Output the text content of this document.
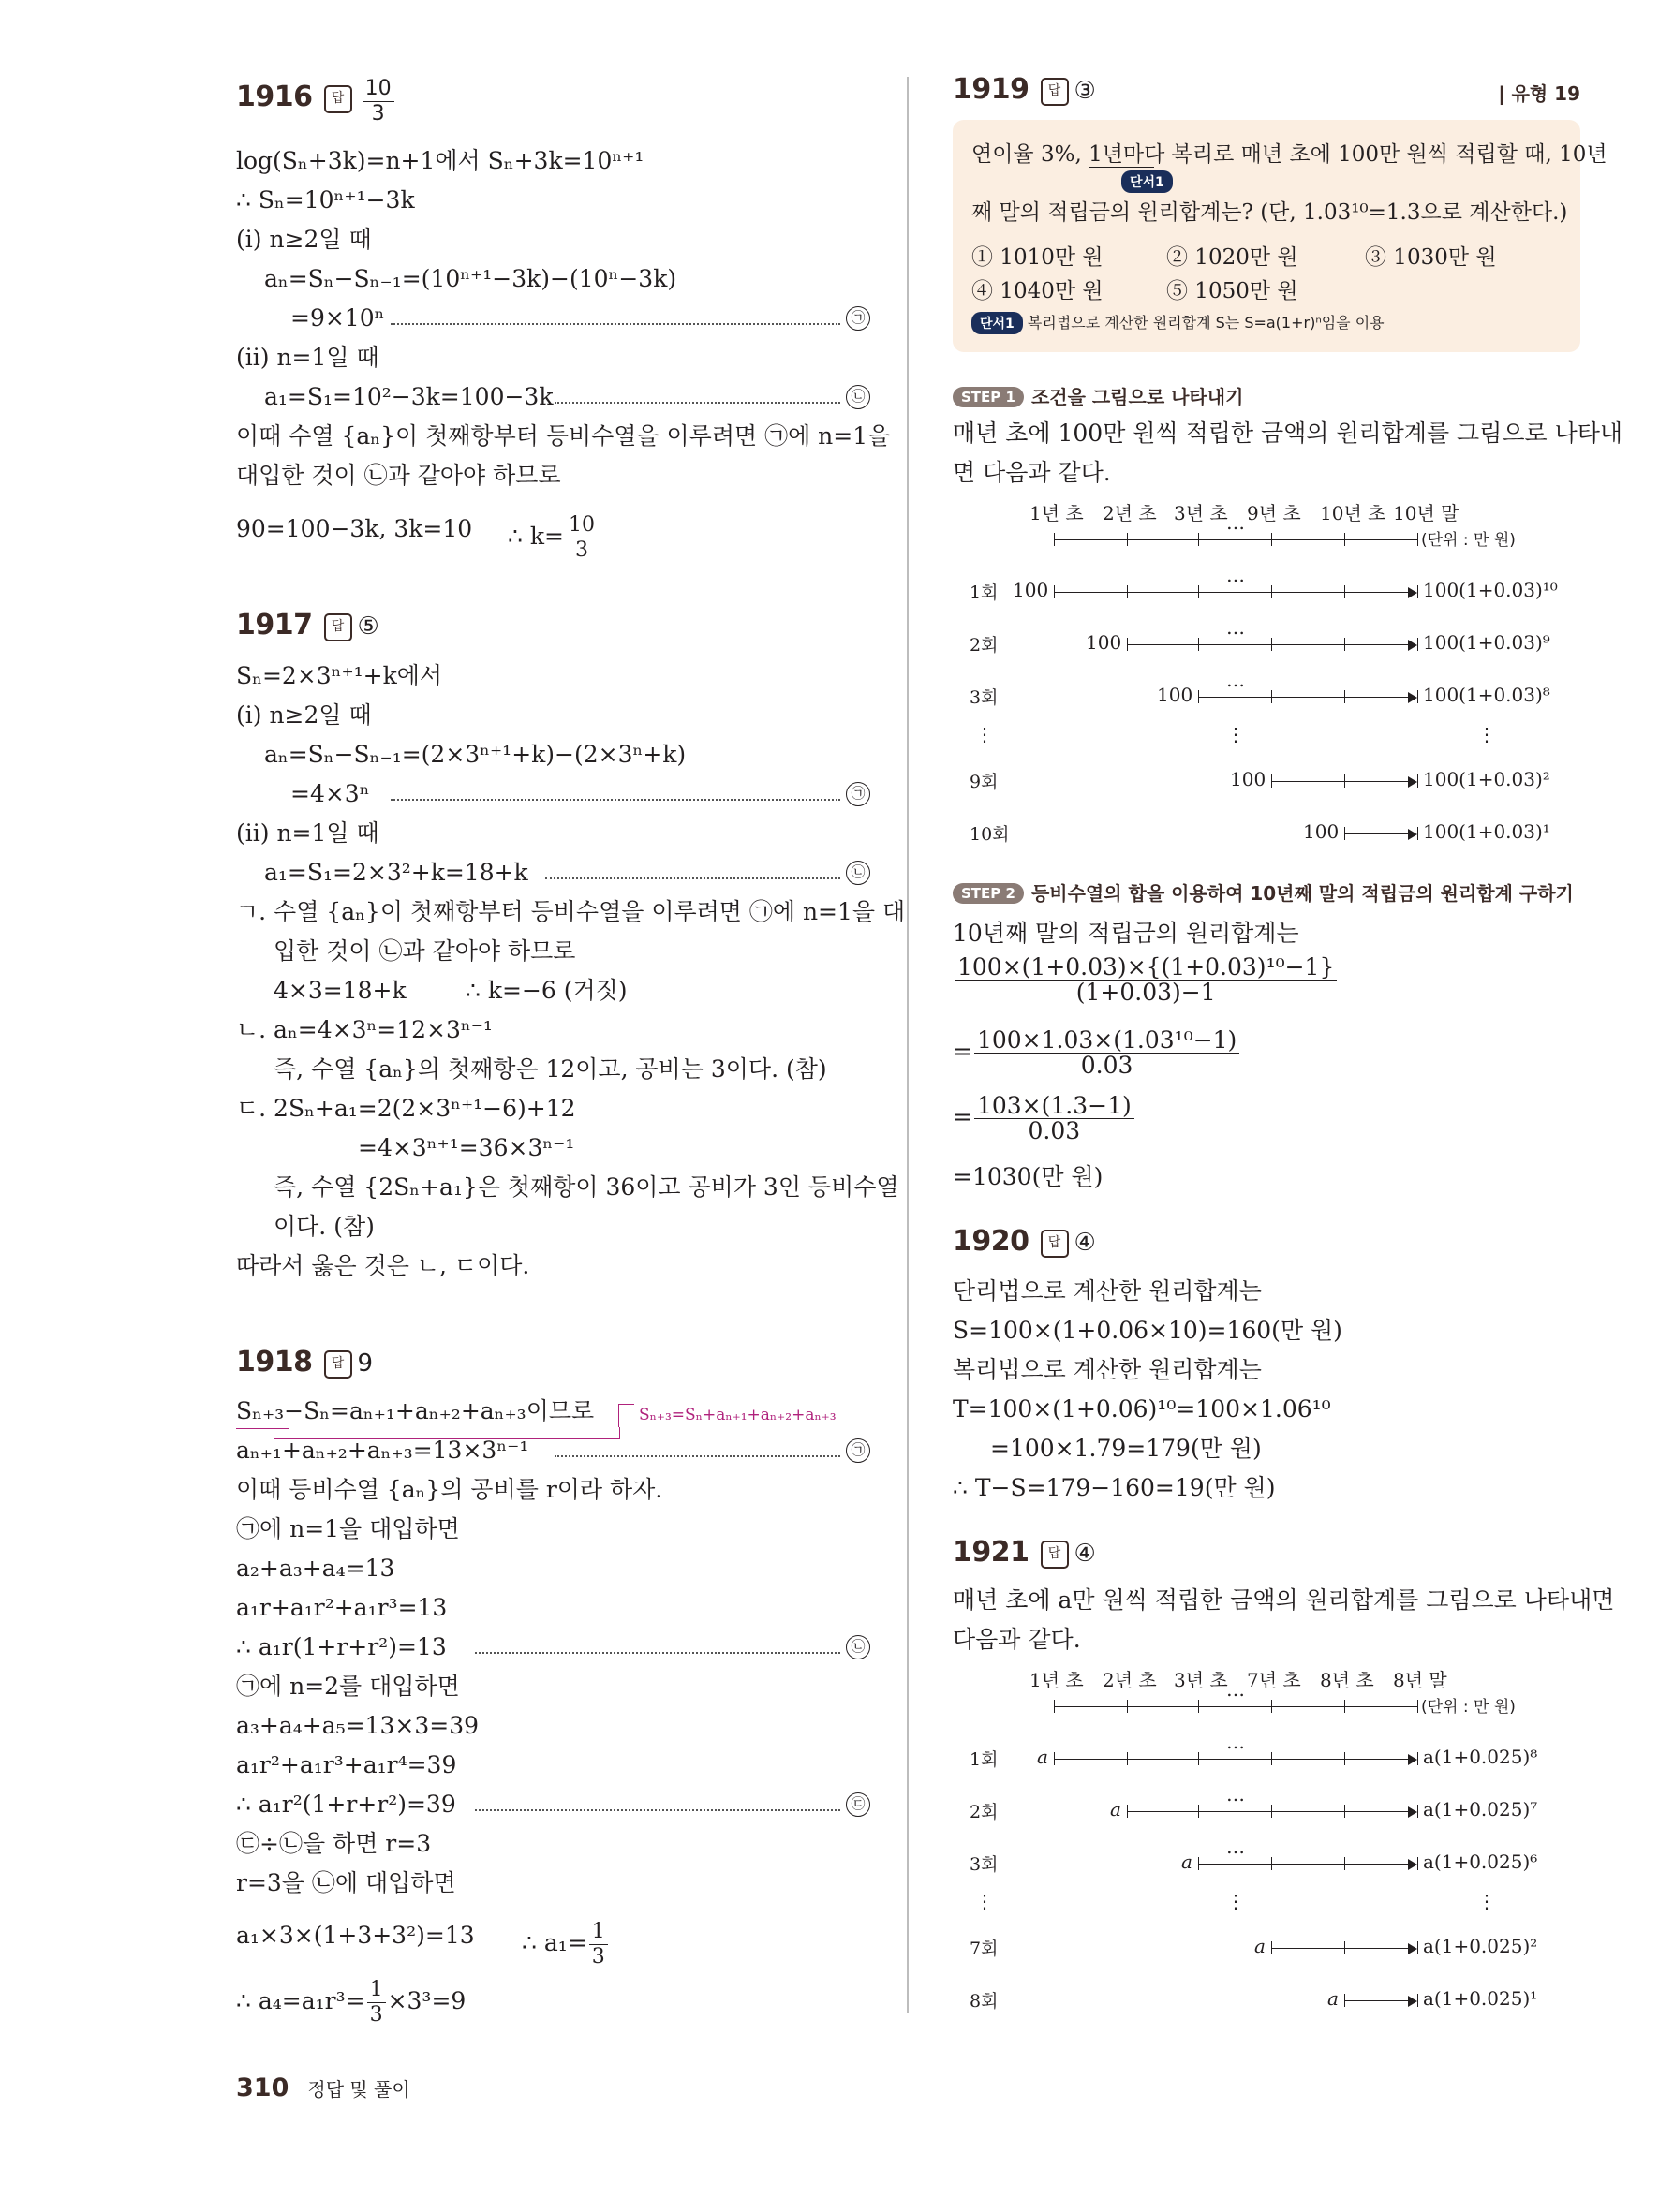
1916 답 $\frac{10}{3}$
log(Sₙ+3k)=n+1에서 Sₙ+3k=10ⁿ⁺¹
∴ Sₙ=10ⁿ⁺¹−3k
(i) n≥2일 때
aₙ=Sₙ−Sₙ₋₁=(10ⁿ⁺¹−3k)−(10ⁿ−3k)
=9×10ⁿ	㉠
(ii) n=1일 때
a₁=S₁=10²−3k=100−3k	㉡
이때 수열 {aₙ}이 첫째항부터 등비수열을 이루려면 ㉠에 n=1을
대입한 것이 ㉡과 같아야 하므로
90=100−3k, 3k=10 ∴ $k= \frac{10}{3}$
1917 답 ⑤
Sₙ=2×3ⁿ⁺¹+k에서
(i) n≥2일 때
aₙ=Sₙ−Sₙ₋₁=(2×3ⁿ⁺¹+k)−(2×3ⁿ+k)
=4×3ⁿ	㉠
(ii) n=1일 때
a₁=S₁=2×3²+k=18+k	㉡
ㄱ. 수열 {aₙ}이 첫째항부터 등비수열을 이루려면 ㉠에 n=1을 대
입한 것이 ㉡과 같아야 하므로
4×3=18+k	∴ k=−6 (거짓)
ㄴ. aₙ=4×3ⁿ=12×3ⁿ⁻¹
즉, 수열 {aₙ}의 첫째항은 12이고, 공비는 3이다. (참)
ㄷ. 2Sₙ+a₁=2(2×3ⁿ⁺¹−6)+12
=4×3ⁿ⁺¹=36×3ⁿ⁻¹
즉, 수열 {2Sₙ+a₁}은 첫째항이 36이고 공비가 3인 등비수열
이다. (참)
따라서 옳은 것은 ㄴ, ㄷ이다.
1918 답 9
Sₙ₊₃−Sₙ=aₙ₊₁+aₙ₊₂+aₙ₊₃이므로	Sₙ₊₃=Sₙ+aₙ₊₁+aₙ₊₂+aₙ₊₃
aₙ₊₁+aₙ₊₂+aₙ₊₃=13×3ⁿ⁻¹	㉠
이때 등비수열 {aₙ}의 공비를 r이라 하자.
㉠에 n=1을 대입하면
a₂+a₃+a₄=13
a₁r+a₁r²+a₁r³=13
∴ a₁r(1+r+r²)=13	㉡
㉠에 n=2를 대입하면
a₃+a₄+a₅=13×3=39
a₁r²+a₁r³+a₁r⁴=39
∴ a₁r²(1+r+r²)=39	㉢
㉢÷㉡을 하면 r=3
r=3을 ㉡에 대입하면
a₁×3×(1+3+3²)=13 ∴ $a_1= \frac{1}{3}$
∴ $a_4=a_1r^3= \frac{1}{3} \times 3^3=9$
| 유형 19
1919 답 ③
연이율 3%, 1년마다 복리로 매년 초에 100만 원씩 적립할 때, 10년
단서1
째 말의 적립금의 원리합계는? (단, 1.03¹⁰=1.3으로 계산한다.)
① 1010만 원	② 1020만 원	③ 1030만 원
④ 1040만 원	⑤ 1050만 원
단서1 복리법으로 계산한 원리합계 S는 S=a(1+r)ⁿ임을 이용
STEP 1 조건을 그림으로 나타내기
매년 초에 100만 원씩 적립한 금액의 원리합계를 그림으로 나타내
면 다음과 같다.
1년 초 2년 초 3년 초 9년 초 10년 초 10년 말
…
(단위 : 만 원)
1회 100
…
100(1+0.03)¹⁰
2회	100
…
100(1+0.03)⁹
3회	100
…
100(1+0.03)⁸
9회	100	100(1+0.03)²
10회	100	100(1+0.03)¹
⋮	⋮	⋮
STEP 2 등비수열의 합을 이용하여 10년째 말의 적립금의 원리합계 구하기
10년째 말의 적립금의 원리합계는
$\frac{\text{100×(1+0.03)×\{(1+0.03)¹⁰−1\}}}{(1+0.03)-1}$
= $\frac{\text{100×1.03×(1.03¹⁰−1)}}{0.03}$
= $\frac{103\times(1.3-1)}{0.03}$
=1030(만 원)
1920 답 ④
단리법으로 계산한 원리합계는
S=100×(1+0.06×10)=160(만 원)
복리법으로 계산한 원리합계는
T=100×(1+0.06)¹⁰=100×1.06¹⁰
=100×1.79=179(만 원)
∴ T−S=179−160=19(만 원)
1921 답 ④
매년 초에 a만 원씩 적립한 금액의 원리합계를 그림으로 나타내면
다음과 같다.
1년 초 2년 초 3년 초 7년 초 8년 초 8년 말
…
(단위 : 만 원)
1회 a
…
a(1+0.025)⁸
2회	a
…
a(1+0.025)⁷
3회	a
…
a(1+0.025)⁶
7회	a	a(1+0.025)²
8회	a	a(1+0.025)¹
⋮	⋮	⋮
310 정답 및 풀이
